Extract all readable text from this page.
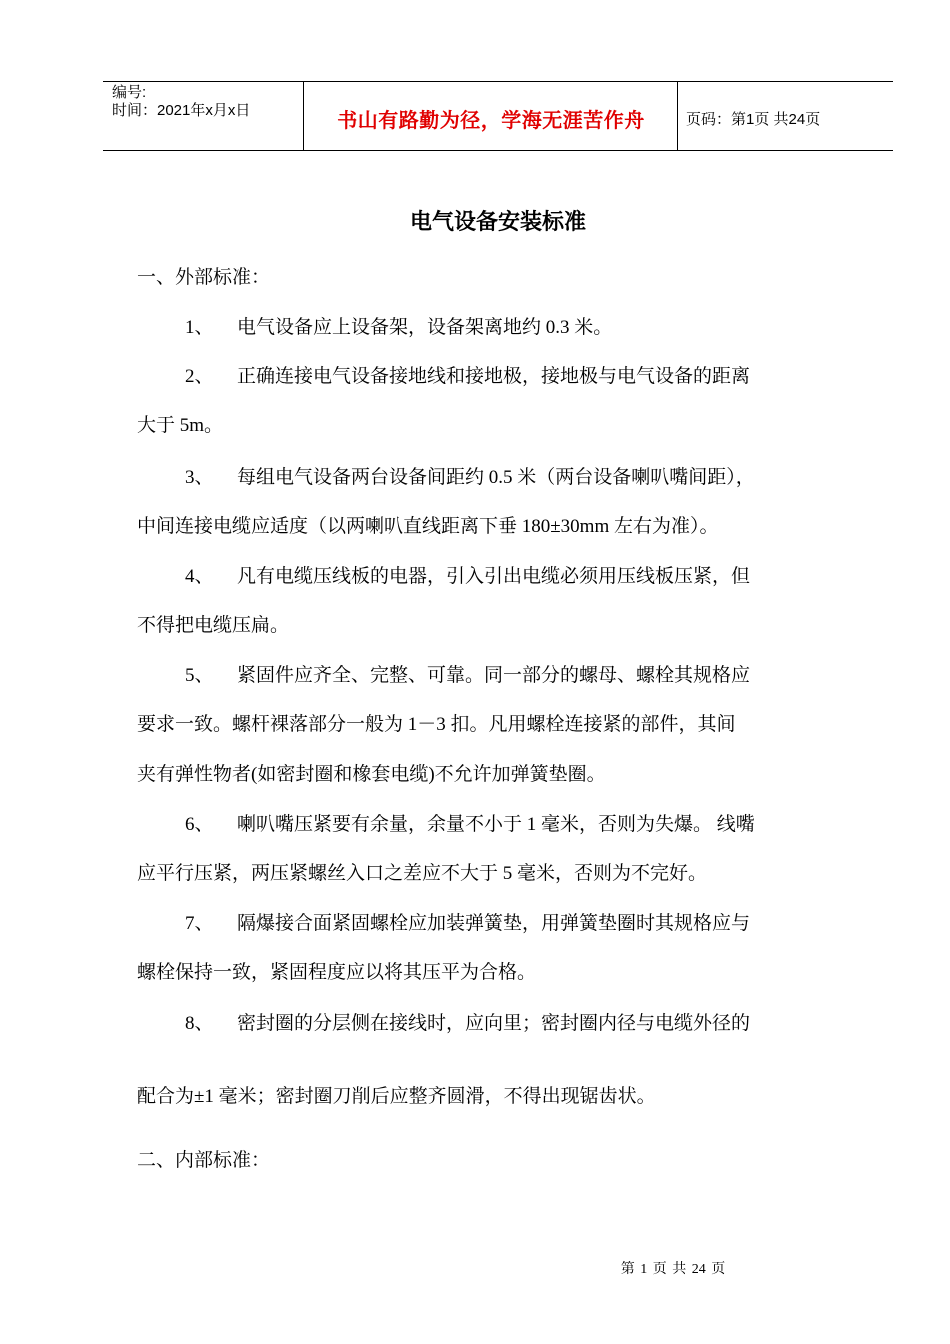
编号:
时间：2021年x月x日	书山有路勤为径，学海无涯苦作舟	页码：第1页 共24页
电气设备安装标准
一、外部标准：
1、 电气设备应上设备架，设备架离地约 0.3 米。
2、 正确连接电气设备接地线和接地极，接地极与电气设备的距离
大于 5m。
3、 每组电气设备两台设备间距约 0.5 米（两台设备喇叭嘴间距），
中间连接电缆应适度（以两喇叭直线距离下垂 180±30mm 左右为准）。
4、 凡有电缆压线板的电器，引入引出电缆必须用压线板压紧，但
不得把电缆压扁。
5、 紧固件应齐全、完整、可靠。同一部分的螺母、螺栓其规格应
要求一致。螺杆裸落部分一般为 1－3 扣。凡用螺栓连接紧的部件，其间
夹有弹性物者(如密封圈和橡套电缆)不允许加弹簧垫圈。
6、 喇叭嘴压紧要有余量，余量不小于 1 毫米，否则为失爆。 线嘴
应平行压紧，两压紧螺丝入口之差应不大于 5 毫米，否则为不完好。
7、 隔爆接合面紧固螺栓应加装弹簧垫，用弹簧垫圈时其规格应与
螺栓保持一致，紧固程度应以将其压平为合格。
8、 密封圈的分层侧在接线时，应向里；密封圈内径与电缆外径的
配合为±1 毫米；密封圈刀削后应整齐圆滑，不得出现锯齿状。
二、内部标准：
第 1 页 共 24 页
